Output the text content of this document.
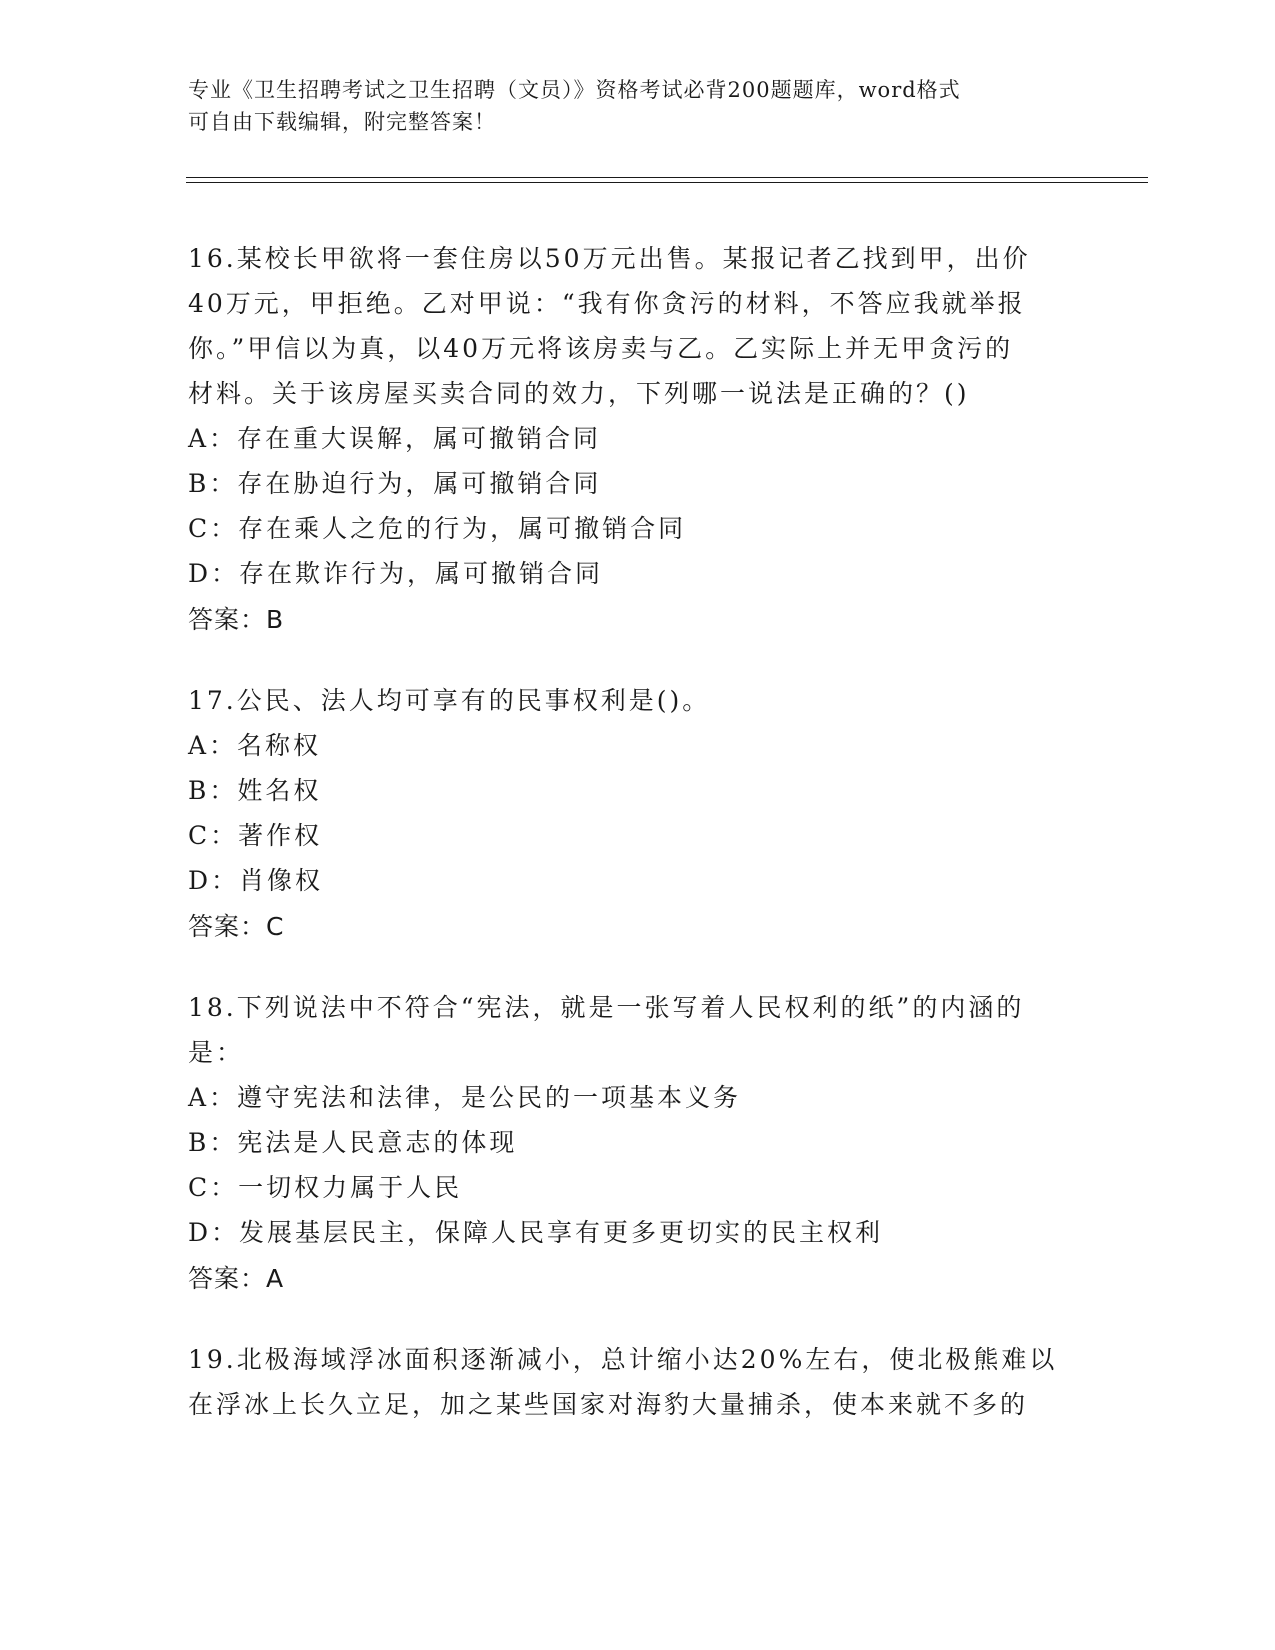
专业《卫生招聘考试之卫生招聘（文员）》资格考试必背200题题库，word格式
可自由下载编辑，附完整答案！

16.某校长甲欲将一套住房以50万元出售。某报记者乙找到甲，出价

40万元，甲拒绝。乙对甲说：“我有你贪污的材料，不答应我就举报

你。”甲信以为真，以40万元将该房卖与乙。乙实际上并无甲贪污的

材料。关于该房屋买卖合同的效力，下列哪一说法是正确的？()

A：存在重大误解，属可撤销合同

B：存在胁迫行为，属可撤销合同

C：存在乘人之危的行为，属可撤销合同

D：存在欺诈行为，属可撤销合同

答案：B

17.公民、法人均可享有的民事权利是()。

A：名称权

B：姓名权

C：著作权

D：肖像权

答案：C

18.下列说法中不符合“宪法，就是一张写着人民权利的纸”的内涵的

是：

A：遵守宪法和法律，是公民的一项基本义务

B：宪法是人民意志的体现

C：一切权力属于人民

D：发展基层民主，保障人民享有更多更切实的民主权利

答案：A

19.北极海域浮冰面积逐渐减小，总计缩小达20%左右，使北极熊难以

在浮冰上长久立足，加之某些国家对海豹大量捕杀，使本来就不多的
